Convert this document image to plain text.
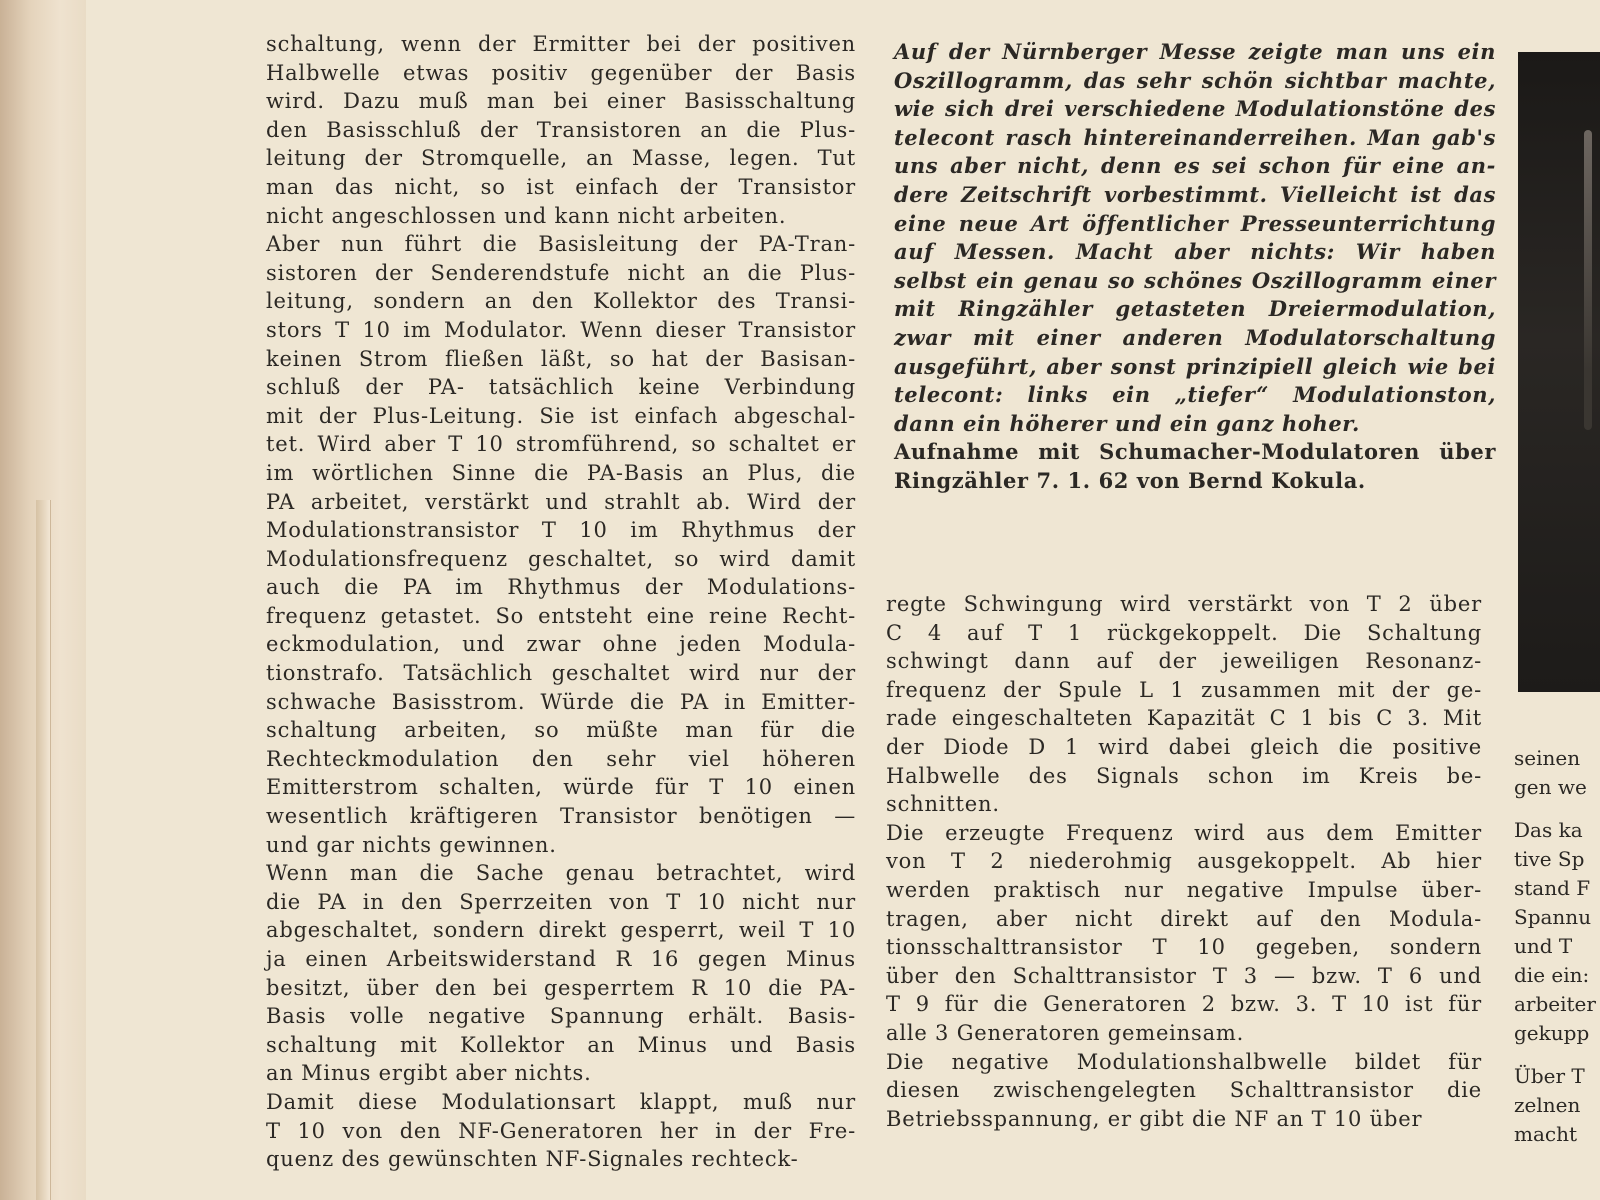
schaltung, wenn der Ermitter bei der positiven
Halbwelle etwas positiv gegenüber der Basis
wird. Dazu muß man bei einer Basisschaltung
den Basisschluß der Transistoren an die Plus-
leitung der Stromquelle, an Masse, legen. Tut
man das nicht, so ist einfach der Transistor
nicht angeschlossen und kann nicht arbeiten.

Aber nun führt die Basisleitung der PA-Tran-
sistoren der Senderendstufe nicht an die Plus-
leitung, sondern an den Kollektor des Transi-
stors T 10 im Modulator. Wenn dieser Transistor
keinen Strom fließen läßt, so hat der Basisan-
schluß der PA- tatsächlich keine Verbindung
mit der Plus-Leitung. Sie ist einfach abgeschal-
tet. Wird aber T 10 stromführend, so schaltet er
im wörtlichen Sinne die PA-Basis an Plus, die
PA arbeitet, verstärkt und strahlt ab. Wird der
Modulationstransistor T 10 im Rhythmus der
Modulationsfrequenz geschaltet, so wird damit
auch die PA im Rhythmus der Modulations-
frequenz getastet. So entsteht eine reine Recht-
eckmodulation, und zwar ohne jeden Modula-
tionstrafo. Tatsächlich geschaltet wird nur der
schwache Basisstrom. Würde die PA in Emitter-
schaltung arbeiten, so müßte man für die
Rechteckmodulation den sehr viel höheren
Emitterstrom schalten, würde für T 10 einen
wesentlich kräftigeren Transistor benötigen —
und gar nichts gewinnen.

Wenn man die Sache genau betrachtet, wird
die PA in den Sperrzeiten von T 10 nicht nur
abgeschaltet, sondern direkt gesperrt, weil T 10
ja einen Arbeitswiderstand R 16 gegen Minus
besitzt, über den bei gesperrtem R 10 die PA-
Basis volle negative Spannung erhält. Basis-
schaltung mit Kollektor an Minus und Basis
an Minus ergibt aber nichts.

Damit diese Modulationsart klappt, muß nur
T 10 von den NF-Generatoren her in der Fre-
quenz des gewünschten NF-Signales rechteck-

Auf der Nürnberger Messe zeigte man uns ein
Oszillogramm, das sehr schön sichtbar machte,
wie sich drei verschiedene Modulationstöne des
telecont rasch hintereinanderreihen. Man gab's
uns aber nicht, denn es sei schon für eine an-
dere Zeitschrift vorbestimmt. Vielleicht ist das
eine neue Art öffentlicher Presseunterrichtung
auf Messen. Macht aber nichts: Wir haben
selbst ein genau so schönes Oszillogramm einer
mit Ringzähler getasteten Dreiermodulation,
zwar mit einer anderen Modulatorschaltung
ausgeführt, aber sonst prinzipiell gleich wie bei
telecont: links ein „tiefer“ Modulationston,
dann ein höherer und ein ganz hoher.

Aufnahme mit Schumacher-Modulatoren über
Ringzähler 7. 1. 62 von Bernd Kokula.

regte Schwingung wird verstärkt von T 2 über
C 4 auf T 1 rückgekoppelt. Die Schaltung
schwingt dann auf der jeweiligen Resonanz-
frequenz der Spule L 1 zusammen mit der ge-
rade eingeschalteten Kapazität C 1 bis C 3. Mit
der Diode D 1 wird dabei gleich die positive
Halbwelle des Signals schon im Kreis be-
schnitten.

Die erzeugte Frequenz wird aus dem Emitter
von T 2 niederohmig ausgekoppelt. Ab hier
werden praktisch nur negative Impulse über-
tragen, aber nicht direkt auf den Modula-
tionsschalttransistor T 10 gegeben, sondern
über den Schalttransistor T 3 — bzw. T 6 und
T 9 für die Generatoren 2 bzw. 3. T 10 ist für
alle 3 Generatoren gemeinsam.

Die negative Modulationshalbwelle bildet für
diesen zwischengelegten Schalttransistor die
Betriebsspannung, er gibt die NF an T 10 über

seinen
gen we
Das ka
tive Sp
stand F
Spannu
und T
die ein:
arbeiter
gekupp
Über T
zelnen
macht
